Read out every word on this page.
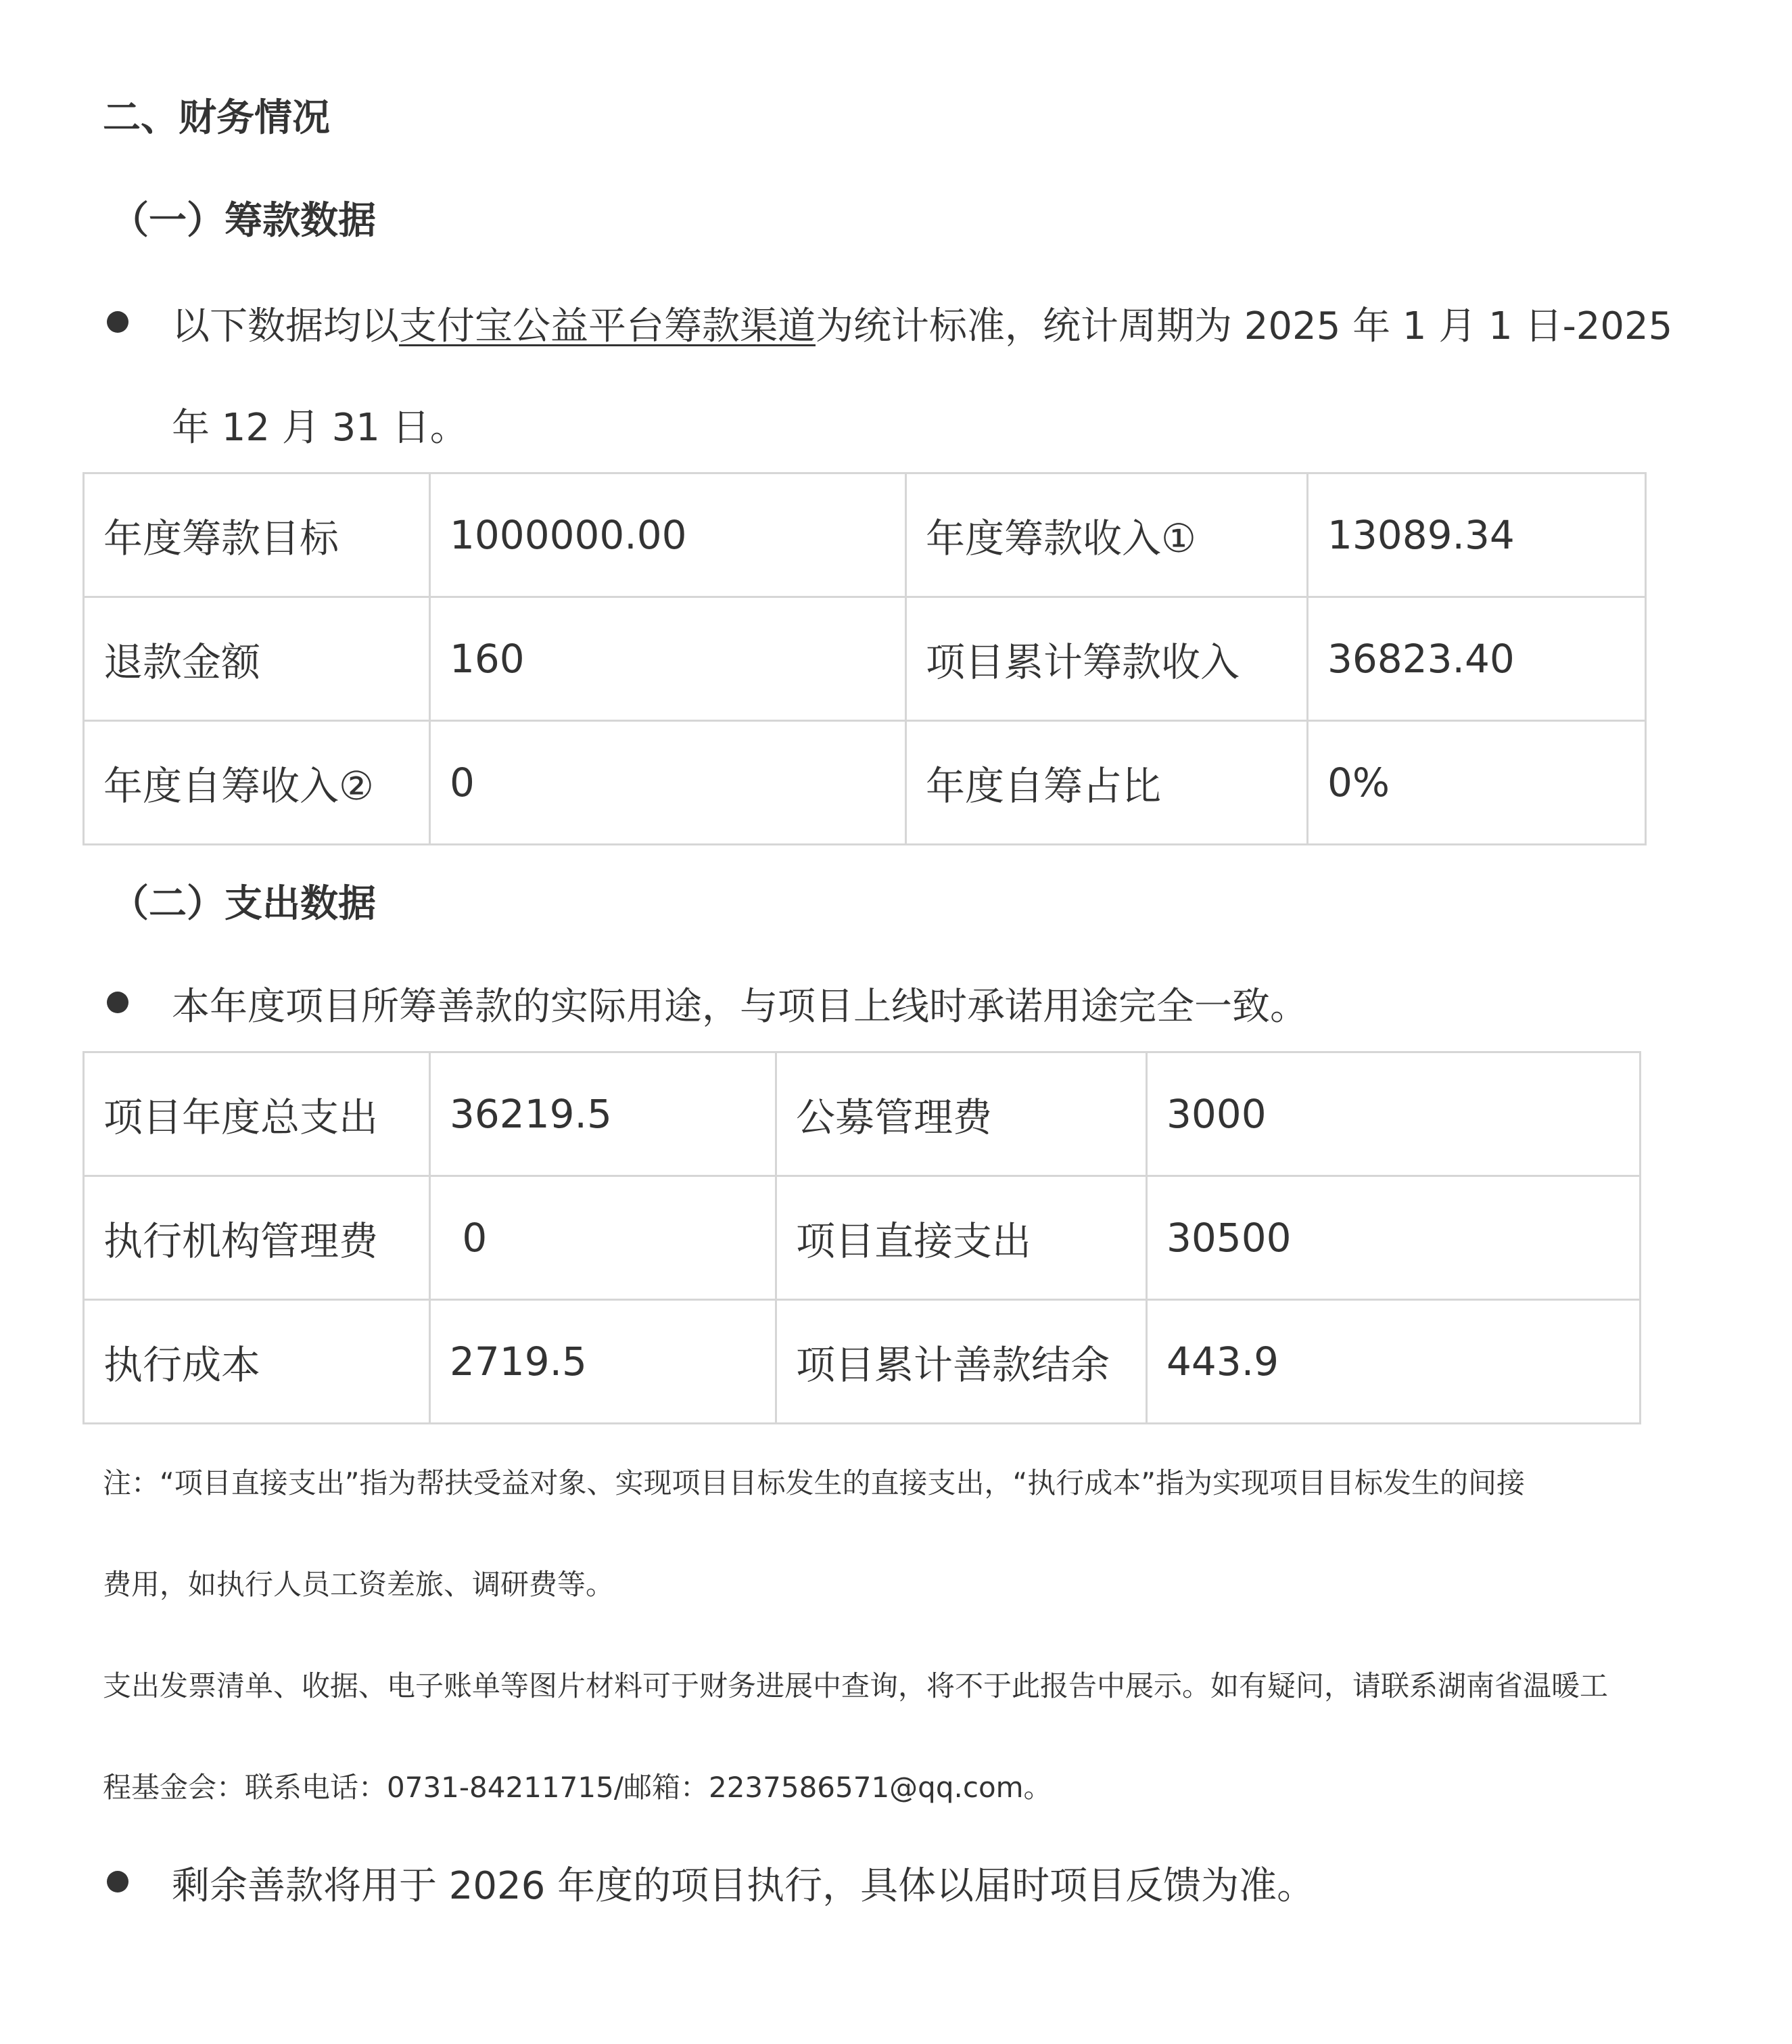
二、财务情况
（一）筹款数据
以下数据均以支付宝公益平台筹款渠道为统计标准，统计周期为 2025 年 1 月 1 日-2025
年 12 月 31 日。
年度筹款目标	1000000.00	年度筹款收入①	13089.34
退款金额	160	项目累计筹款收入	36823.40
年度自筹收入②	0	年度自筹占比	0%
（二）支出数据
本年度项目所筹善款的实际用途，与项目上线时承诺用途完全一致。
项目年度总支出	36219.5	公募管理费	3000
执行机构管理费	0	项目直接支出	30500
执行成本	2719.5	项目累计善款结余	443.9
注：“项目直接支出”指为帮扶受益对象、实现项目目标发生的直接支出，“执行成本”指为实现项目目标发生的间接
费用，如执行人员工资差旅、调研费等。
支出发票清单、收据、电子账单等图片材料可于财务进展中查询，将不于此报告中展示。如有疑问，请联系湖南省温暖工
程基金会：联系电话：0731-84211715/邮箱：2237586571@qq.com。
剩余善款将用于 2026 年度的项目执行，具体以届时项目反馈为准。
